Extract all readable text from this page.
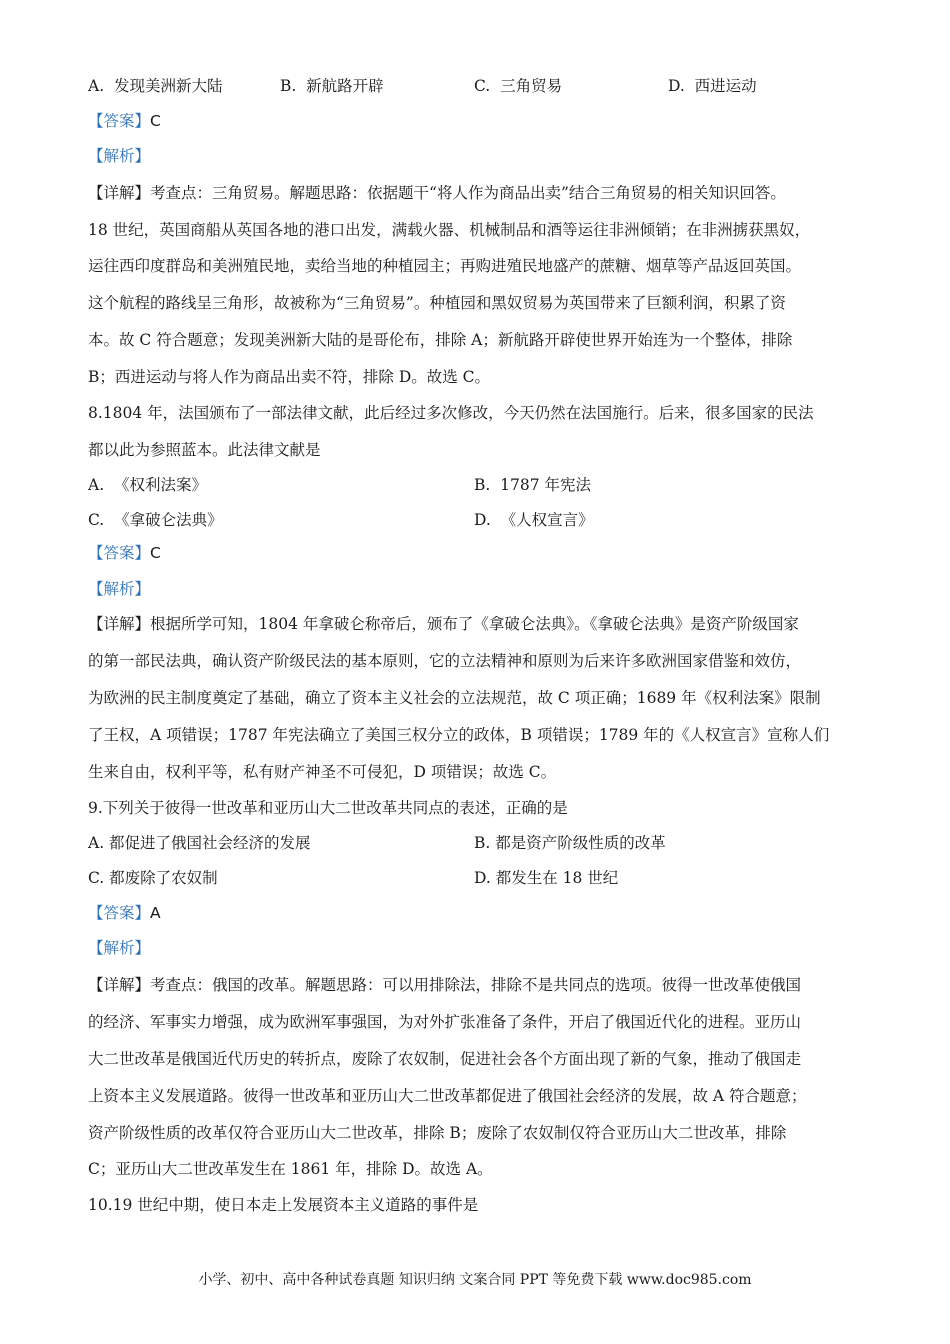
A.  发现美洲新大陆	B.  新航路开辟	C.  三角贸易	D.  西进运动
【答案】C
【解析】
【详解】考查点：三角贸易。解题思路：依据题干“将人作为商品出卖”结合三角贸易的相关知识回答。
18 世纪，英国商船从英国各地的港口出发，满载火器、机械制品和酒等运往非洲倾销；在非洲掳获黑奴，
运往西印度群岛和美洲殖民地，卖给当地的种植园主；再购进殖民地盛产的蔗糖、烟草等产品返回英国。
这个航程的路线呈三角形，故被称为“三角贸易”。种植园和黑奴贸易为英国带来了巨额利润，积累了资
本。故 C 符合题意；发现美洲新大陆的是哥伦布，排除 A；新航路开辟使世界开始连为一个整体，排除
B；西进运动与将人作为商品出卖不符，排除 D。故选 C。
8.1804 年，法国颁布了一部法律文献，此后经过多次修改，今天仍然在法国施行。后来，很多国家的民法
都以此为参照蓝本。此法律文献是
A.  《权利法案》	B.  1787 年宪法
C.  《拿破仑法典》	D.  《人权宣言》
【答案】C
【解析】
【详解】根据所学可知，1804 年拿破仑称帝后，颁布了《拿破仑法典》。《拿破仑法典》是资产阶级国家
的第一部民法典，确认资产阶级民法的基本原则，它的立法精神和原则为后来许多欧洲国家借鉴和效仿，
为欧洲的民主制度奠定了基础，确立了资本主义社会的立法规范，故 C 项正确；1689 年《权利法案》限制
了王权，A 项错误；1787 年宪法确立了美国三权分立的政体，B 项错误；1789 年的《人权宣言》宣称人们
生来自由，权利平等，私有财产神圣不可侵犯，D 项错误；故选 C。
9.下列关于彼得一世改革和亚历山大二世改革共同点的表述，正确的是
A. 都促进了俄国社会经济的发展	B. 都是资产阶级性质的改革
C. 都废除了农奴制	D. 都发生在 18 世纪
【答案】A
【解析】
【详解】考查点：俄国的改革。解题思路：可以用排除法，排除不是共同点的选项。彼得一世改革使俄国
的经济、军事实力增强，成为欧洲军事强国，为对外扩张准备了条件，开启了俄国近代化的进程。亚历山
大二世改革是俄国近代历史的转折点，废除了农奴制，促进社会各个方面出现了新的气象，推动了俄国走
上资本主义发展道路。彼得一世改革和亚历山大二世改革都促进了俄国社会经济的发展，故 A 符合题意；
资产阶级性质的改革仅符合亚历山大二世改革，排除 B；废除了农奴制仅符合亚历山大二世改革，排除
C；亚历山大二世改革发生在 1861 年，排除 D。故选 A。
10.19 世纪中期，使日本走上发展资本主义道路的事件是
小学、初中、高中各种试卷真题 知识归纳 文案合同 PPT 等免费下载 www.doc985.com
